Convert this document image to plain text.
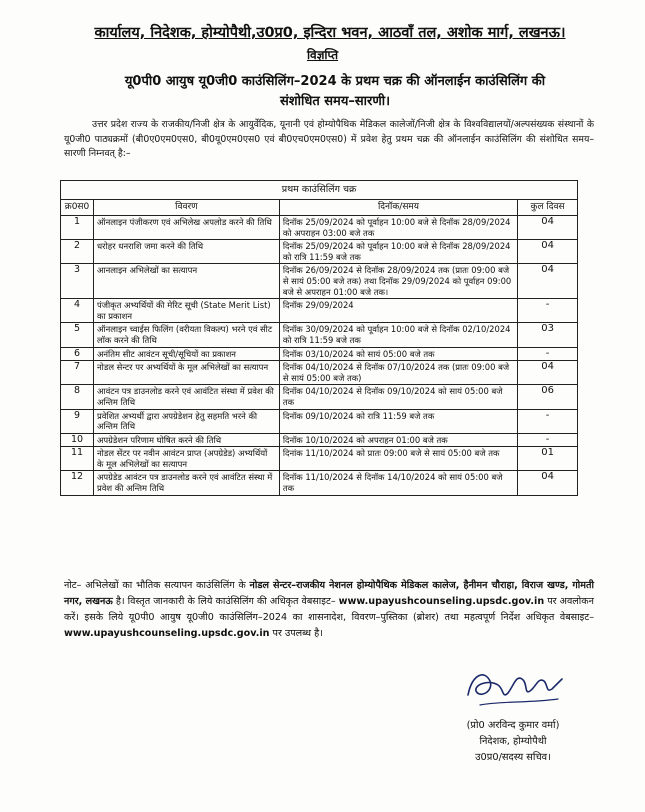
कार्यालय, निदेशक, होम्योपैथी,उ0प्र0, इन्दिरा भवन, आठवाँ तल, अशोक मार्ग, लखनऊ।
विज्ञप्ति
यू0पी0 आयुष यू0जी0 काउंसिलिंग–2024 के प्रथम चक्र की ऑनलाईन काउंसिलिंग की
संशोधित समय–सारणी।
उत्तर प्रदेश राज्य के राजकीय/निजी क्षेत्र के आयुर्वेदिक, यूनानी एवं होम्योपैथिक मेडिकल कालेजों/निजी क्षेत्र के विश्वविद्यालयों/अल्पसंख्यक संस्थानों के यू0जी0 पाठ्यक्रमों (बी0ए0एम0एस0, बी0यू0एम0एस0 एवं बी0एच0एम0एस0) में प्रवेश हेतु प्रथम चक्र की ऑनलाईन काउंसिलिंग की संशोधित समय–सारणी निम्नवत् है:–
प्रथम काउंसिलिंग चक्र			
क्र0स0	विवरण	दिनॉक/समय	कुल दिवस
1	ऑनलाइन पंजीकरण एवं अभिलेख अपलोड करने की तिथि	दिनॉक 25/09/2024 को पूर्वाहन 10:00 बजे से दिनॉक 28/09/2024 को अपराहन 03:00 बजे तक	04
2	धरोहर धनराशि जमा करने की तिथि	दिनॉक 25/09/2024 को पूर्वाहन 10:00 बजे से दिनॉक 28/09/2024 को रात्रि 11:59 बजे तक	04
3	आनलाइन अभिलेखों का सत्यापन	दिनॉक 26/09/2024 से दिनॉक 28/09/2024 तक (प्रातः 09:00 बजे से सायं 05:00 बजे तक) तथा दिनॉक 29/09/2024 को पूर्वाहन 09:00 बजे से अपराहन 01:00 बजे तक।	04
4	पंजीकृत अभ्यर्थियों की मेरिट सूची (State Merit List) का प्रकाशन	दिनॉक 29/09/2024	-
5	ऑनलाइन च्वाईस फिलिंग (वरीयता विकल्प) भरने एवं सीट लॉक करने की तिथि	दिनॉक 30/09/2024 को पूर्वाहन 10:00 बजे से दिनॉक 02/10/2024 को रात्रि 11:59 बजे तक	03
6	अनंतिम सीट आवंटन सूची/सूचियों का प्रकाशन	दिनॉक 03/10/2024 को सायं 05:00 बजे तक	-
7	नोडल सेन्टर पर अभ्यर्थियों के मूल अभिलेखों का सत्यापन	दिनॉक 04/10/2024 से दिनॉक 07/10/2024 तक (प्रातः 09:00 बजे से सायं 05:00 बजे तक)	04
8	आवंटन पत्र डाउनलोड करने एवं आवंटित संस्था में प्रवेश की अन्तिम तिथि	दिनॉक 04/10/2024 से दिनॉक 09/10/2024 को सायं 05:00 बजे तक	06
9	प्रवेशित अभ्यर्थी द्वारा अपग्रेडेशन हेतु सहमति भरने की अन्तिम तिथि	दिनॉक 09/10/2024 को रात्रि 11:59 बजे तक	-
10	अपग्रेडेशन परिणाम घोषित करने की तिथि	दिनॉक 10/10/2024 को अपराहन 01:00 बजे तक	-
11	नोडल सेंटर पर नवीन आवंटन प्राप्त (अपग्रेडेड) अभ्यर्थियों के मूल अभिलेखों का सत्यापन	दिनांक 11/10/2024 को प्रातः 09:00 बजे से सायं 05:00 बजे तक	01
12	अपग्रेडेड आवंटन पत्र डाउनलोड करने एवं आवंटित संस्था में प्रवेश की अन्तिम तिथि	दिनॉक 11/10/2024 से दिनॉक 14/10/2024 को सायं 05:00 बजे तक	04
नोट– अभिलेखों का भौतिक सत्यापन काउंसिलिंग के नोडल सेन्टर–राजकीय नेशनल होम्योपैथिक मेडिकल कालेज, हैनीमन चौराहा, विराज खण्ड, गोमती नगर, लखनऊ है। विस्तृत जानकारी के लिये काउंसिलिंग की अधिकृत वेबसाइट– www.upayushcounseling.upsdc.gov.in पर अवलोकन करें। इसके लिये यू0पी0 आयुष यू0जी0 काउंसिलिंग–2024 का शासनादेश, विवरण–पुस्तिका (ब्रोशर) तथा महत्वपूर्ण निर्देश अधिकृत वेबसाइट– www.upayushcounseling.upsdc.gov.in पर उपलब्ध है।
(प्रो0 अरविन्द कुमार वर्मा)
निदेशक, होम्योपैथी
उ0प्र0/सदस्य सचिव।
